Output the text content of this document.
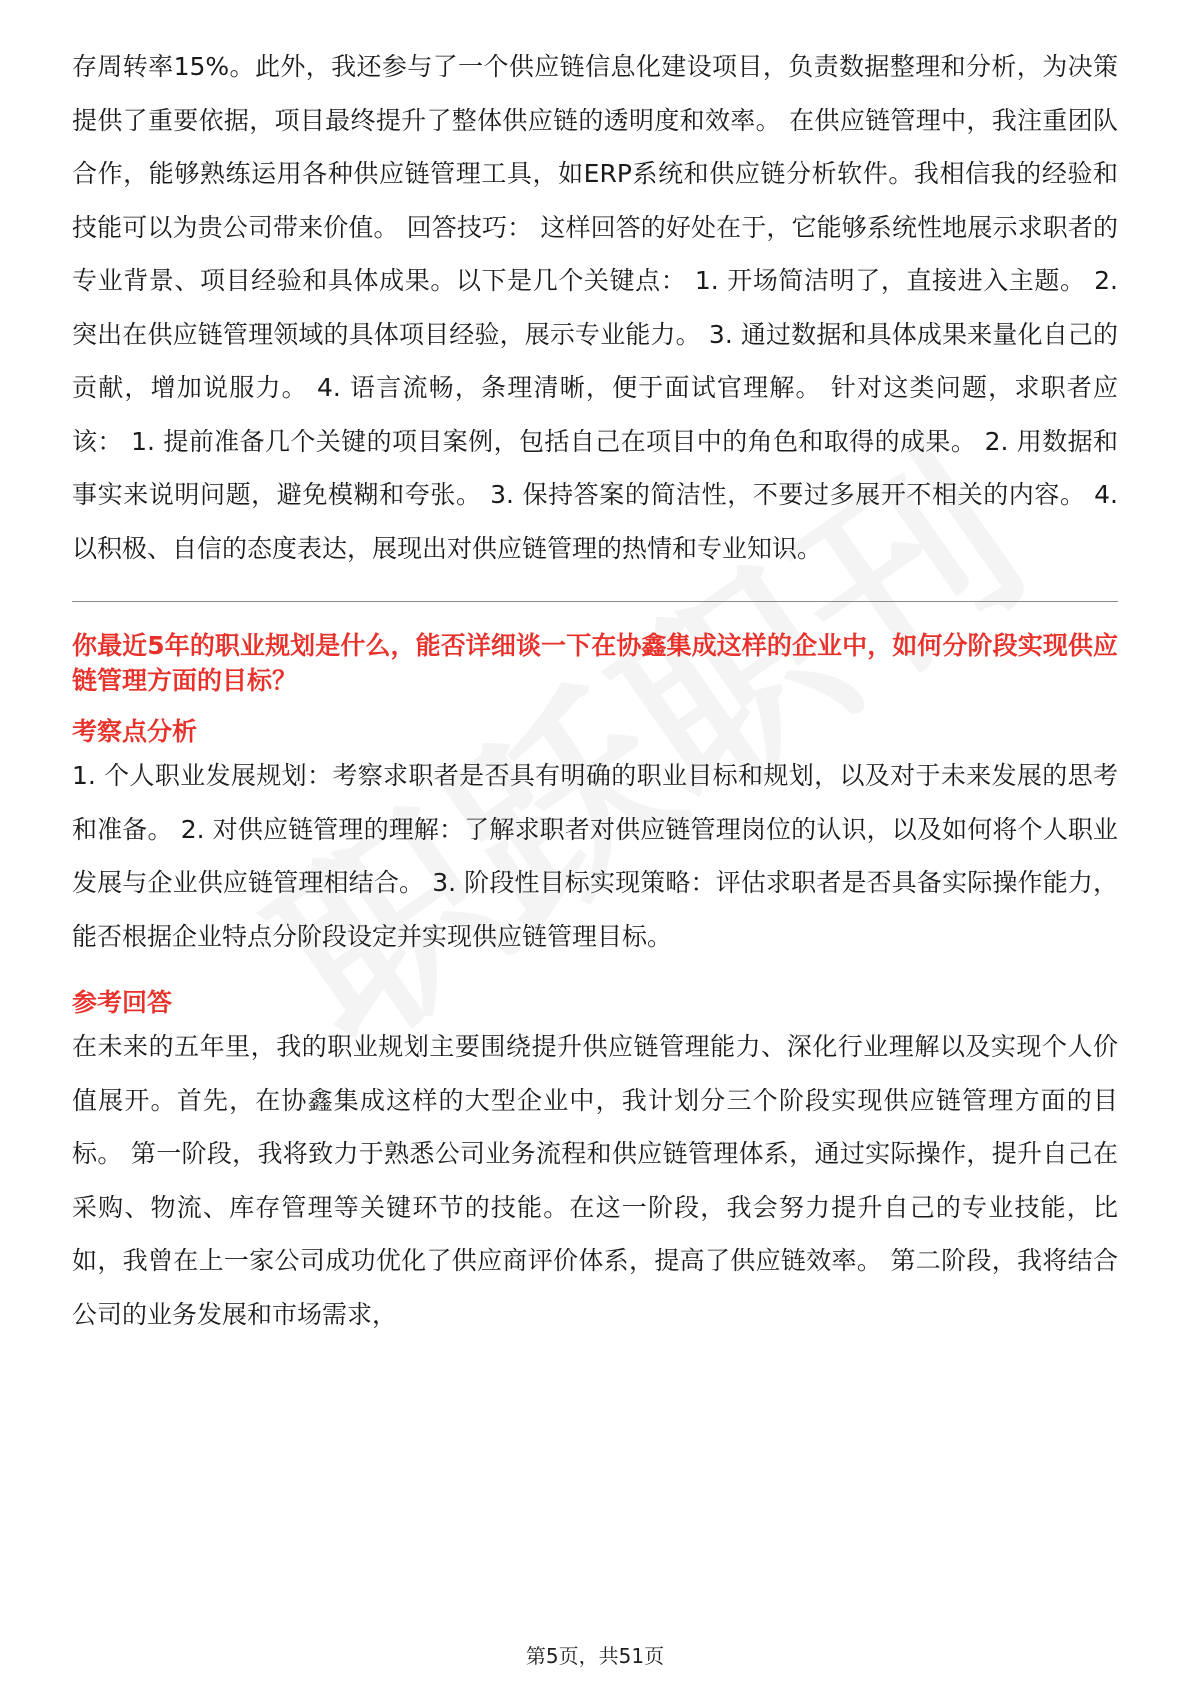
存周转率15%。此外，我还参与了一个供应链信息化建设项目，负责数据整理和分析，为决策提供了重要依据，项目最终提升了整体供应链的透明度和效率。 在供应链管理中，我注重团队合作，能够熟练运用各种供应链管理工具，如ERP系统和供应链分析软件。我相信我的经验和技能可以为贵公司带来价值。 回答技巧： 这样回答的好处在于，它能够系统性地展示求职者的专业背景、项目经验和具体成果。以下是几个关键点： 1. 开场简洁明了，直接进入主题。 2. 突出在供应链管理领域的具体项目经验，展示专业能力。 3. 通过数据和具体成果来量化自己的贡献，增加说服力。 4. 语言流畅，条理清晰，便于面试官理解。 针对这类问题，求职者应该： 1. 提前准备几个关键的项目案例，包括自己在项目中的角色和取得的成果。 2. 用数据和事实来说明问题，避免模糊和夸张。 3. 保持答案的简洁性，不要过多展开不相关的内容。 4. 以积极、自信的态度表达，展现出对供应链管理的热情和专业知识。

你最近5年的职业规划是什么，能否详细谈一下在协鑫集成这样的企业中，如何分阶段实现供应链管理方面的目标？
考察点分析

1. 个人职业发展规划：考察求职者是否具有明确的职业目标和规划，以及对于未来发展的思考和准备。 2. 对供应链管理的理解：了解求职者对供应链管理岗位的认识，以及如何将个人职业发展与企业供应链管理相结合。 3. 阶段性目标实现策略：评估求职者是否具备实际操作能力，能否根据企业特点分阶段设定并实现供应链管理目标。

参考回答

在未来的五年里，我的职业规划主要围绕提升供应链管理能力、深化行业理解以及实现个人价值展开。首先，在协鑫集成这样的大型企业中，我计划分三个阶段实现供应链管理方面的目标。 第一阶段，我将致力于熟悉公司业务流程和供应链管理体系，通过实际操作，提升自己在采购、物流、库存管理等关键环节的技能。在这一阶段，我会努力提升自己的专业技能，比如，我曾在上一家公司成功优化了供应商评价体系，提高了供应链效率。 第二阶段，我将结合公司的业务发展和市场需求，

第5页，共51页
